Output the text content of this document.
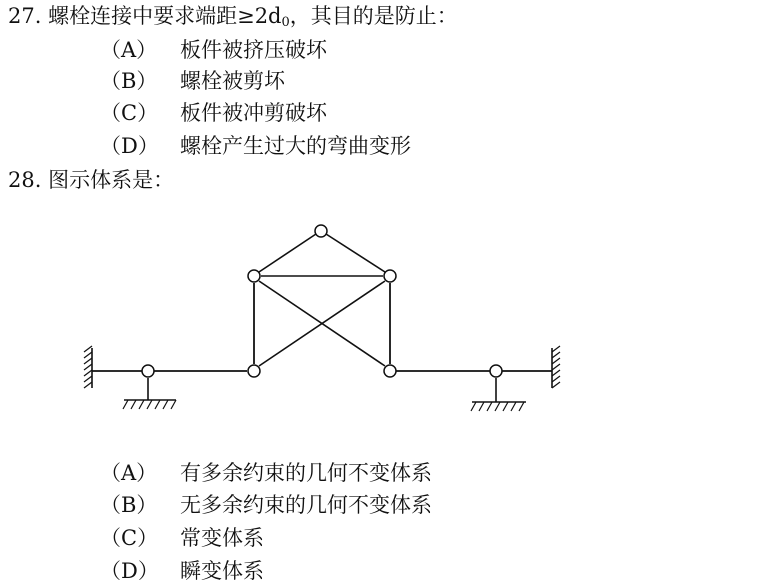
27. 螺栓连接中要求端距$\ge 2d_0$，其目的是防止：
（A） 板件被挤压破坏
（B） 螺栓被剪坏
（C） 板件被冲剪破坏
（D） 螺栓产生过大的弯曲变形
28. 图示体系是：
（A） 有多余约束的几何不变体系
（B） 无多余约束的几何不变体系
（C） 常变体系
（D） 瞬变体系
